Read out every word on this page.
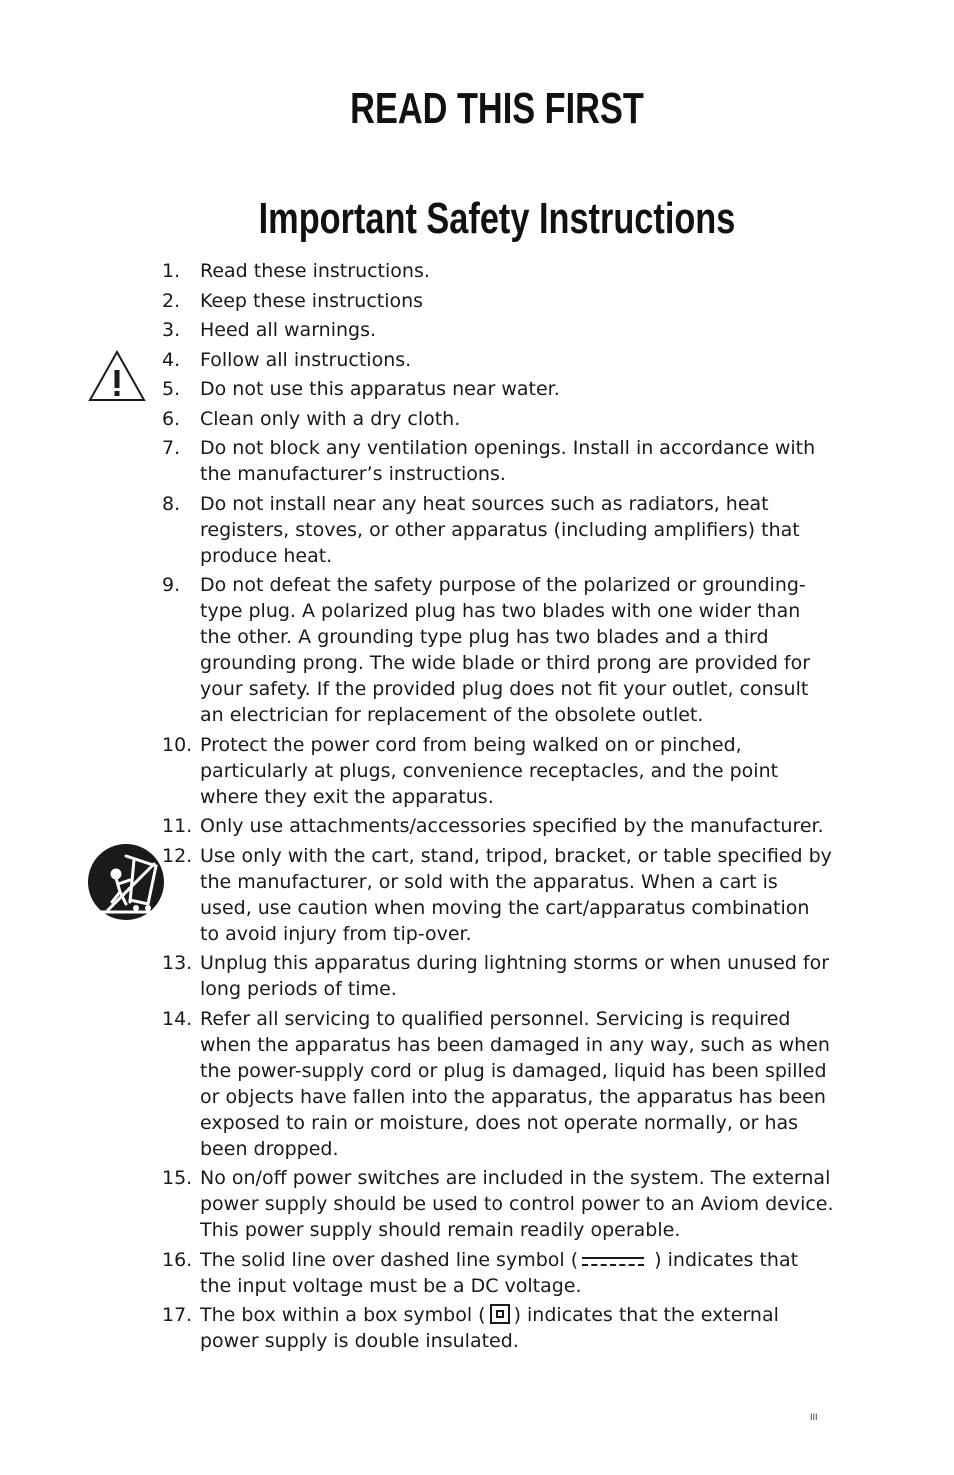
READ THIS FIRST
Important Safety Instructions
1.	Read these instructions.
2.	Keep these instructions
3.	Heed all warnings.
4.	Follow all instructions.
5.	Do not use this apparatus near water.
6.	Clean only with a dry cloth.
7.	Do not block any ventilation openings. Install in accordance with the manufacturer’s instructions.
8.	Do not install near any heat sources such as radiators, heat registers, stoves, or other apparatus (including amplifiers) that produce heat.
9.	Do not defeat the safety purpose of the polarized or grounding-type plug. A polarized plug has two blades with one wider than the other. A grounding type plug has two blades and a third grounding prong. The wide blade or third prong are provided for your safety. If the provided plug does not fit your outlet, consult an electrician for replacement of the obsolete outlet.
10. Protect the power cord from being walked on or pinched, particularly at plugs, convenience receptacles, and the point where they exit the apparatus.
11. Only use attachments/accessories specified by the manufacturer.
12. Use only with the cart, stand, tripod, bracket, or table specified by the manufacturer, or sold with the apparatus. When a cart is used, use caution when moving the cart/apparatus combination to avoid injury from tip-over.
13. Unplug this apparatus during lightning storms or when unused for long periods of time.
14. Refer all servicing to qualified personnel. Servicing is required when the apparatus has been damaged in any way, such as when the power-supply cord or plug is damaged, liquid has been spilled or objects have fallen into the apparatus, the apparatus has been exposed to rain or moisture, does not operate normally, or has been dropped.
15. No on/off power switches are included in the system. The external power supply should be used to control power to an Aviom device. This power supply should remain readily operable.
16. The solid line over dashed line symbol (	) indicates that the input voltage must be a DC voltage.
17. The box within a box symbol ( ) indicates that the external power supply is double insulated.
III
